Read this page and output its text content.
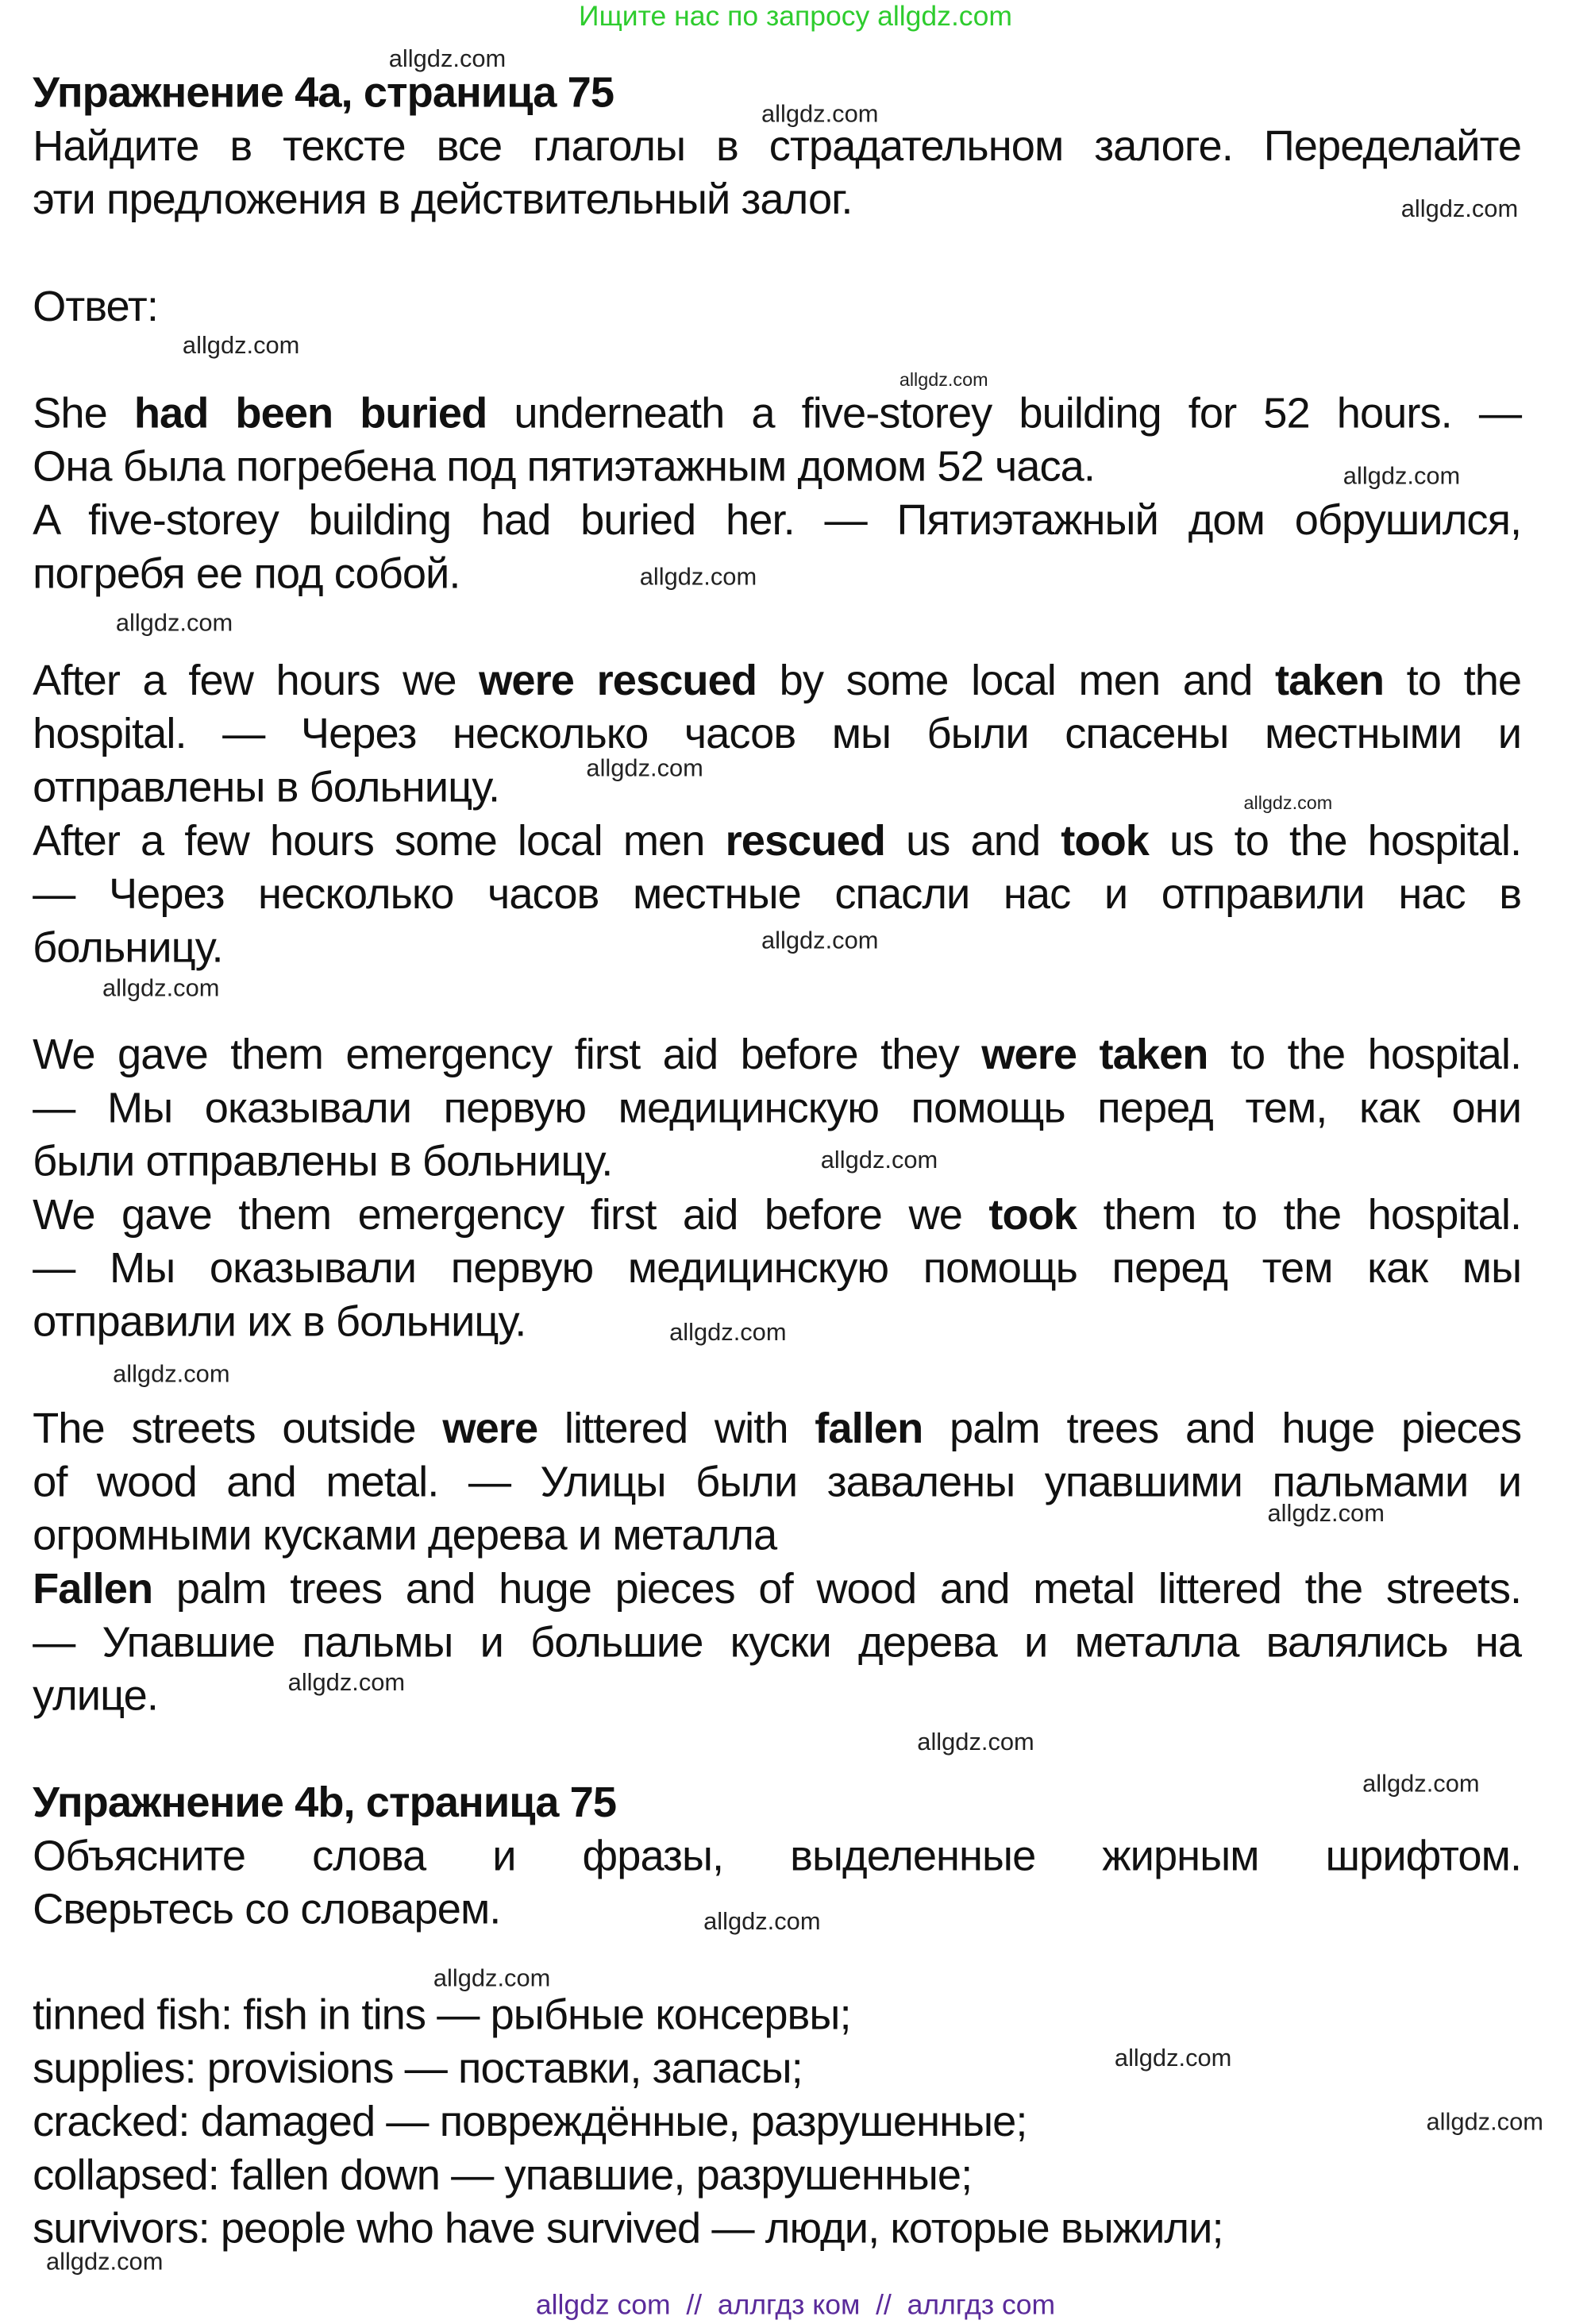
Ищите нас по запросу allgdz.com
Упражнение 4а, страница 75
Найдите в тексте все глаголы в страдательном залоге. Переделайте
эти предложения в действительный залог.
Ответ:
She had been buried underneath a five-storey building for 52 hours. —
Она была погребена под пятиэтажным домом 52 часа.
A five-storey building had buried her. — Пятиэтажный дом обрушился,
погребя ее под собой.
After a few hours we were rescued by some local men and taken to the
hospital. — Через несколько часов мы были спасены местными и
отправлены в больницу.
After a few hours some local men rescued us and took us to the hospital.
— Через несколько часов местные спасли нас и отправили нас в
больницу.
We gave them emergency first aid before they were taken to the hospital.
— Мы оказывали первую медицинскую помощь перед тем, как они
были отправлены в больницу.
We gave them emergency first aid before we took them to the hospital.
— Мы оказывали первую медицинскую помощь перед тем как мы
отправили их в больницу.
The streets outside were littered with fallen palm trees and huge pieces
of wood and metal. — Улицы были завалены упавшими пальмами и
огромными кусками дерева и металла
Fallen palm trees and huge pieces of wood and metal littered the streets.
— Упавшие пальмы и большие куски дерева и металла валялись на
улице.
Упражнение 4b, страница 75
Объясните слова и фразы, выделенные жирным шрифтом.
Сверьтесь со словарем.
tinned fish: fish in tins — рыбные консервы;
supplies: provisions — поставки, запасы;
cracked: damaged — повреждённые, разрушенные;
collapsed: fallen down — упавшие, разрушенные;
survivors: people who have survived — люди, которые выжили;
allgdz.com
allgdz.com
allgdz.com
allgdz.com
allgdz.com
allgdz.com
allgdz.com
allgdz.com
allgdz.com
allgdz.com
allgdz.com
allgdz.com
allgdz.com
allgdz.com
allgdz.com
allgdz.com
allgdz.com
allgdz.com
allgdz.com
allgdz.com
allgdz.com
allgdz.com
allgdz.com
allgdz.com
allgdz com  //  аллгдз ком  //  аллгдз com
